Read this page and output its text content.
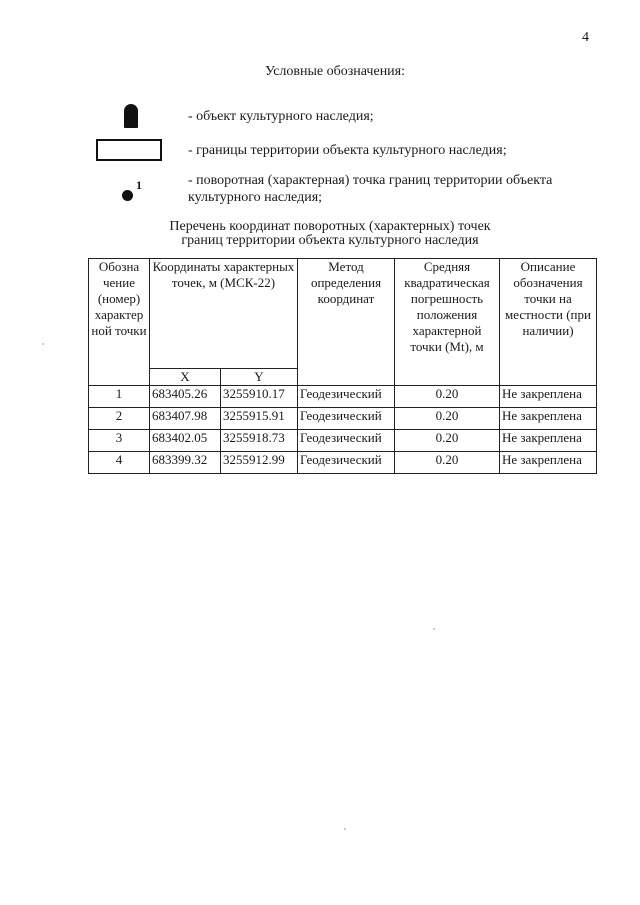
4
Условные обозначения:
- объект культурного наследия;
- границы территории объекта культурного наследия;
1	- поворотная (характерная) точка границ территории объекта культурного наследия;
Перечень координат поворотных (характерных) точек
границ территории объекта культурного наследия
Обозна чение (номер) характер ной точки	Координаты характерных точек, м (МСК-22)		Метод определения координат	Средняя квадратическая погрешность положения характерной точки (Mt), м	Описание обозначения точки на местности (при наличии)
	X	Y			
1	683405.26	3255910.17	Геодезический	0.20	Не закреплена
2	683407.98	3255915.91	Геодезический	0.20	Не закреплена
3	683402.05	3255918.73	Геодезический	0.20	Не закреплена
4	683399.32	3255912.99	Геодезический	0.20	Не закреплена
